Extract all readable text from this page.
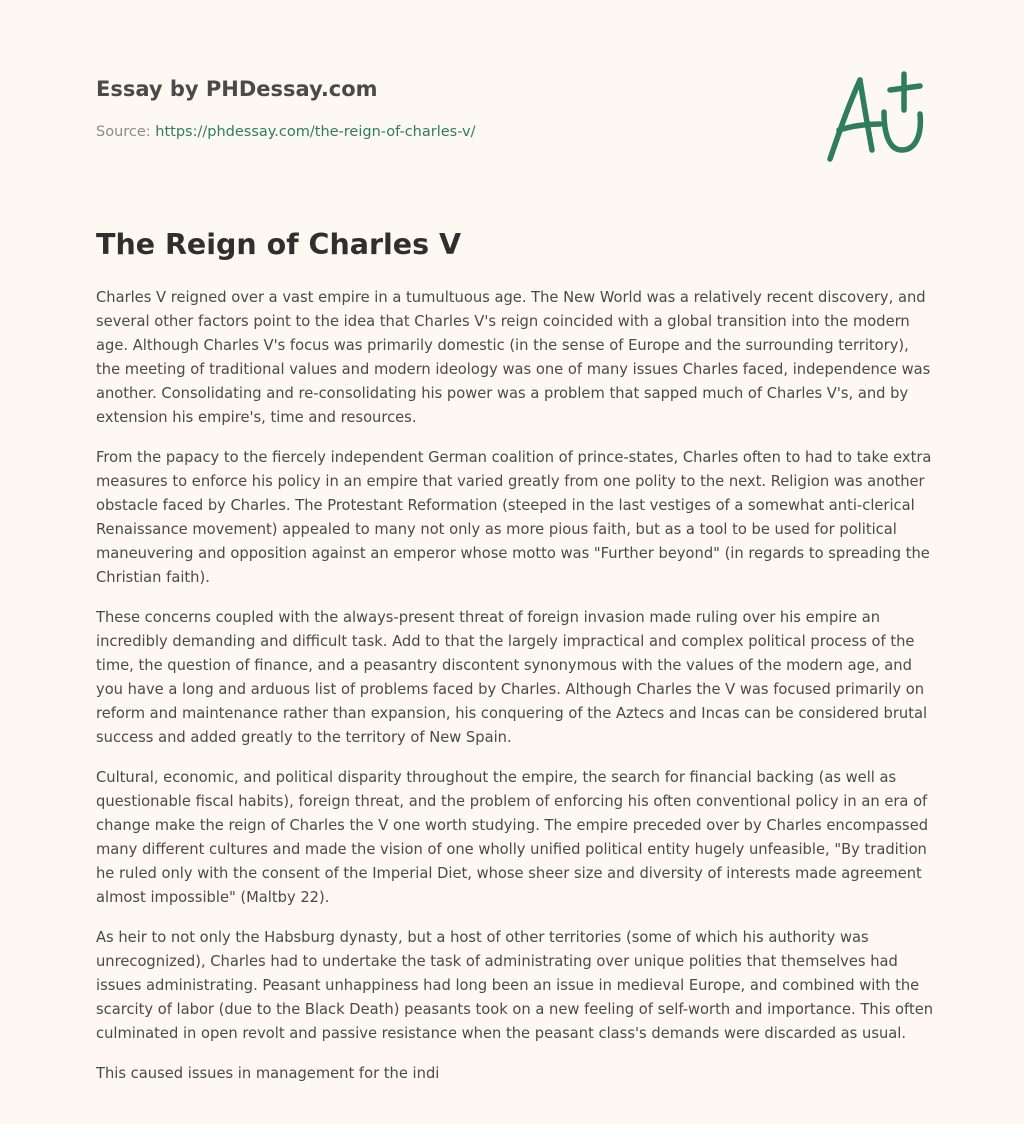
Essay by PHDessay.com
Source: https://phdessay.com/the-reign-of-charles-v/
The Reign of Charles V

Charles V reigned over a vast empire in a tumultuous age. The New World was a relatively recent discovery, and several other factors point to the idea that Charles V's reign coincided with a global transition into the modern age. Although Charles V's focus was primarily domestic (in the sense of Europe and the surrounding territory), the meeting of traditional values and modern ideology was one of many issues Charles faced, independence was another. Consolidating and re-consolidating his power was a problem that sapped much of Charles V's, and by extension his empire's, time and resources.

From the papacy to the fiercely independent German coalition of prince-states, Charles often to had to take extra measures to enforce his policy in an empire that varied greatly from one polity to the next. Religion was another obstacle faced by Charles. The Protestant Reformation (steeped in the last vestiges of a somewhat anti-clerical Renaissance movement) appealed to many not only as more pious faith, but as a tool to be used for political maneuvering and opposition against an emperor whose motto was "Further beyond" (in regards to spreading the Christian faith).

These concerns coupled with the always-present threat of foreign invasion made ruling over his empire an incredibly demanding and difficult task. Add to that the largely impractical and complex political process of the time, the question of finance, and a peasantry discontent synonymous with the values of the modern age, and you have a long and arduous list of problems faced by Charles. Although Charles the V was focused primarily on reform and maintenance rather than expansion, his conquering of the Aztecs and Incas can be considered brutal success and added greatly to the territory of New Spain.

Cultural, economic, and political disparity throughout the empire, the search for financial backing (as well as questionable fiscal habits), foreign threat, and the problem of enforcing his often conventional policy in an era of change make the reign of Charles the V one worth studying. The empire preceded over by Charles encompassed many different cultures and made the vision of one wholly unified political entity hugely unfeasible, "By tradition he ruled only with the consent of the Imperial Diet, whose sheer size and diversity of interests made agreement almost impossible" (Maltby 22).

As heir to not only the Habsburg dynasty, but a host of other territories (some of which his authority was unrecognized), Charles had to undertake the task of administrating over unique polities that themselves had issues administrating. Peasant unhappiness had long been an issue in medieval Europe, and combined with the scarcity of labor (due to the Black Death) peasants took on a new feeling of self-worth and importance. This often culminated in open revolt and passive resistance when the peasant class's demands were discarded as usual.

This caused issues in management for the indi
